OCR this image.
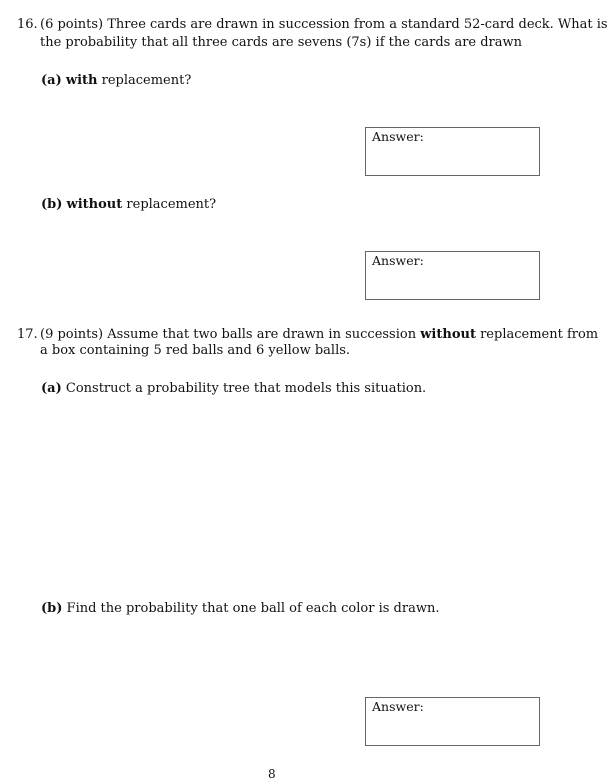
16. (6 points) Three cards are drawn in succession from a standard 52-card deck. What is
the probability that all three cards are sevens (7s) if the cards are drawn
(a) with replacement?
Answer:
(b) without replacement?
Answer:
17. (9 points) Assume that two balls are drawn in succession without replacement from
a box containing 5 red balls and 6 yellow balls.
(a) Construct a probability tree that models this situation.
(b) Find the probability that one ball of each color is drawn.
Answer:
8
